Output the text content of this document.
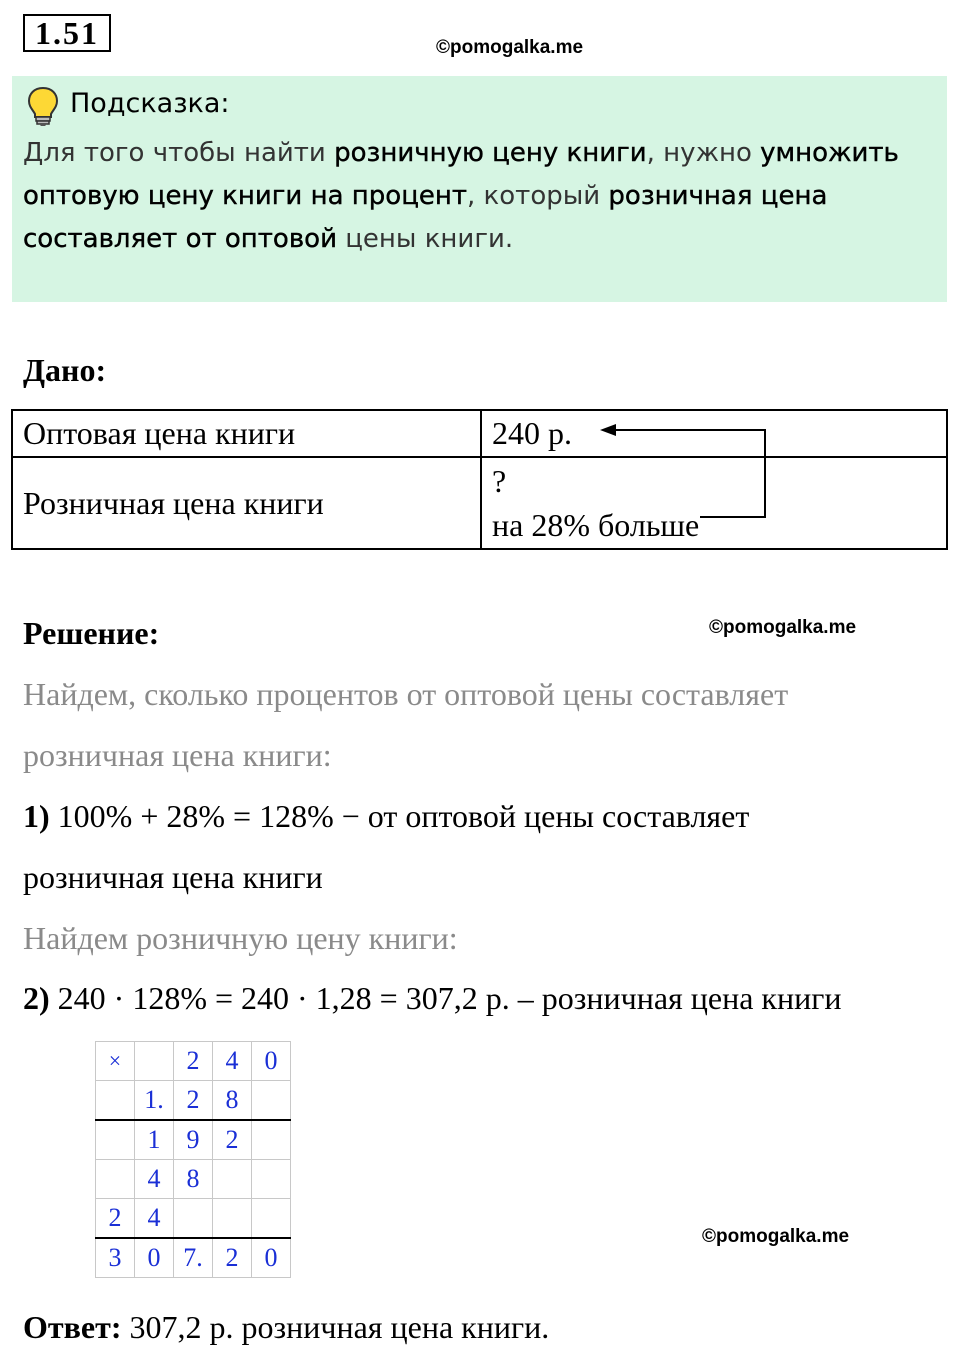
1.51	©pomogalka.me
Подсказка:
Для того чтобы найти розничную цену книги, нужно умножить оптовую цену книги на процент, который розничная цена составляет от оптовой цены книги.
Дано:
Оптовая цена книги	240 р.
Розничная цена книги	?
на 28% больше
Решение:	©pomogalka.me
Найдем, сколько процентов от оптовой цены составляет
розничная цена книги:
1) 100% + 28% = 128% − от оптовой цены составляет
розничная цена книги
Найдем розничную цену книги:
2) 240 · 128% = 240 · 1,28 = 307,2 р. – розничная цена книги
×		2	4	0
	1.	2	8	
	1	9	2	
	4	8		
2	4			
3	0	7.	2	0
©pomogalka.me
Ответ: 307,2 р. розничная цена книги.
